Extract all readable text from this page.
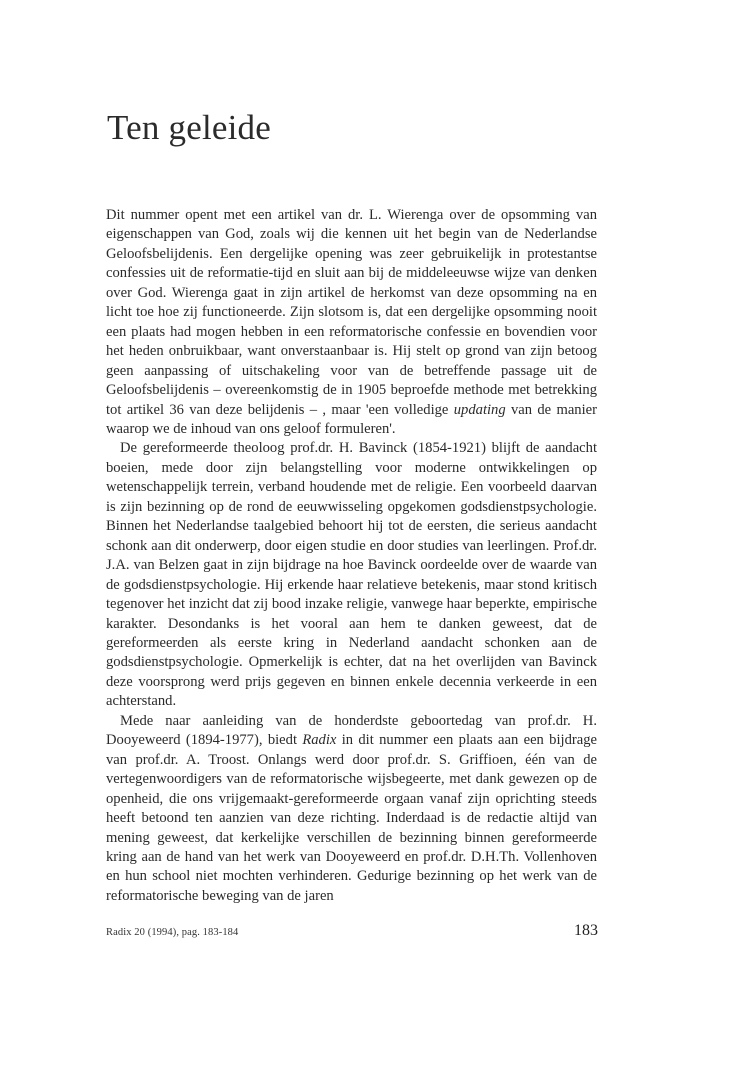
Ten geleide

Dit nummer opent met een artikel van dr. L. Wierenga over de opsomming van eigenschappen van God, zoals wij die kennen uit het begin van de Nederlandse Geloofsbelijdenis. Een dergelijke opening was zeer gebruikelijk in protestantse confessies uit de reformatie-tijd en sluit aan bij de middeleeuwse wijze van denken over God. Wierenga gaat in zijn artikel de herkomst van deze opsomming na en licht toe hoe zij functioneerde. Zijn slotsom is, dat een dergelijke opsomming nooit een plaats had mogen hebben in een reformatorische confessie en bovendien voor het heden onbruikbaar, want onverstaanbaar is. Hij stelt op grond van zijn betoog geen aanpassing of uitschakeling voor van de betreffende passage uit de Geloofsbelijdenis – overeenkomstig de in 1905 beproefde methode met betrekking tot artikel 36 van deze belijdenis – , maar 'een volledige updating van de manier waarop we de inhoud van ons geloof formuleren'.

De gereformeerde theoloog prof.dr. H. Bavinck (1854-1921) blijft de aandacht boeien, mede door zijn belangstelling voor moderne ontwikkelingen op wetenschappelijk terrein, verband houdende met de religie. Een voorbeeld daarvan is zijn bezinning op de rond de eeuwwisseling opgekomen godsdienstpsychologie. Binnen het Nederlandse taalgebied behoort hij tot de eersten, die serieus aandacht schonk aan dit onderwerp, door eigen studie en door studies van leerlingen. Prof.dr. J.A. van Belzen gaat in zijn bijdrage na hoe Bavinck oordeelde over de waarde van de godsdienstpsychologie. Hij erkende haar relatieve betekenis, maar stond kritisch tegenover het inzicht dat zij bood inzake religie, vanwege haar beperkte, empirische karakter. Desondanks is het vooral aan hem te danken geweest, dat de gereformeerden als eerste kring in Nederland aandacht schonken aan de godsdienstpsychologie. Opmerkelijk is echter, dat na het overlijden van Bavinck deze voorsprong werd prijs gegeven en binnen enkele decennia verkeerde in een achterstand.

Mede naar aanleiding van de honderdste geboortedag van prof.dr. H. Dooyeweerd (1894-1977), biedt Radix in dit nummer een plaats aan een bijdrage van prof.dr. A. Troost. Onlangs werd door prof.dr. S. Griffioen, één van de vertegenwoordigers van de reformatorische wijsbegeerte, met dank gewezen op de openheid, die ons vrijgemaakt-gereformeerde orgaan vanaf zijn oprichting steeds heeft betoond ten aanzien van deze richting. Inderdaad is de redactie altijd van mening geweest, dat kerkelijke verschillen de bezinning binnen gereformeerde kring aan de hand van het werk van Dooyeweerd en prof.dr. D.H.Th. Vollenhoven en hun school niet mochten verhinderen. Gedurige bezinning op het werk van de reformatorische beweging van de jaren

Radix 20 (1994), pag. 183-184	183
